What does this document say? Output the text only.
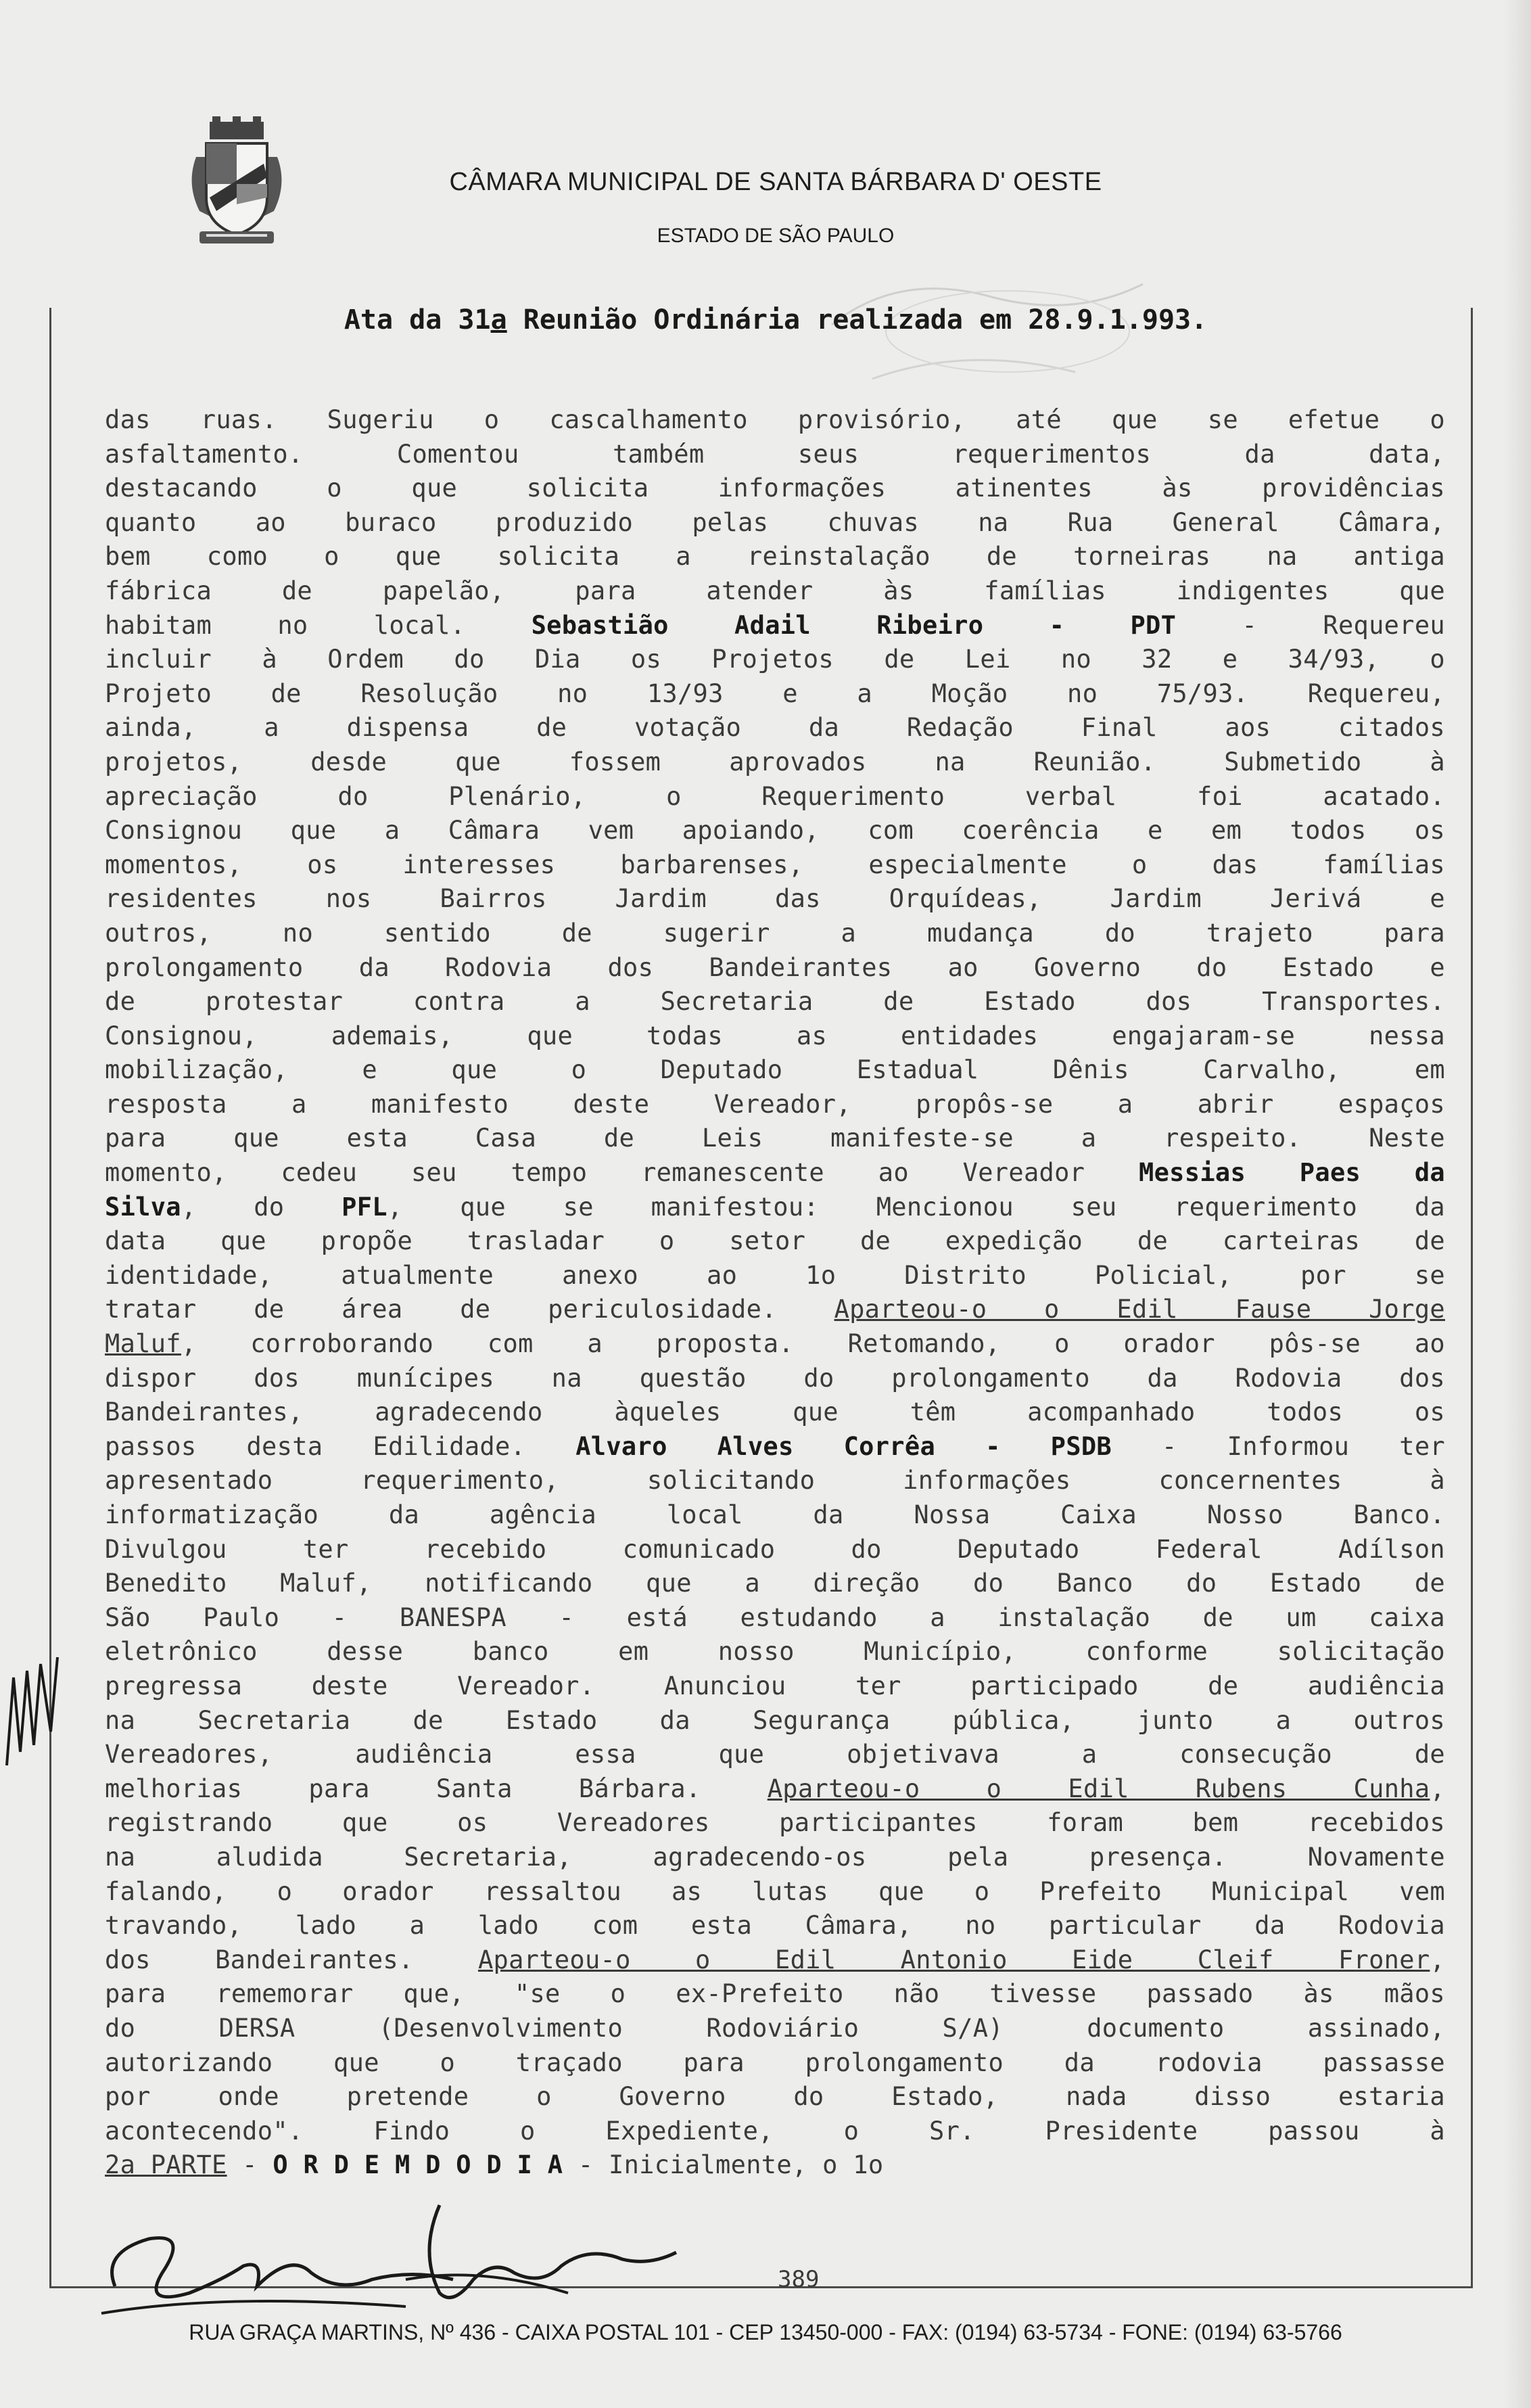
CÂMARA MUNICIPAL DE SANTA BÁRBARA D' OESTE
ESTADO DE SÃO PAULO
Ata da 31a Reunião Ordinária realizada em 28.9.1.993.
das ruas. Sugeriu o cascalhamento provisório, até que se efetue o
asfaltamento. Comentou também seus requerimentos da data,
destacando o que solicita informações atinentes às providências
quanto ao buraco produzido pelas chuvas na Rua General Câmara,
bem como o que solicita a reinstalação de torneiras na antiga
fábrica de papelão, para atender às famílias indigentes que
habitam no local. Sebastião Adail Ribeiro - PDT - Requereu
incluir à Ordem do Dia os Projetos de Lei no 32 e 34/93, o
Projeto de Resolução no 13/93 e a Moção no 75/93. Requereu,
ainda, a dispensa de votação da Redação Final aos citados
projetos, desde que fossem aprovados na Reunião. Submetido à
apreciação do Plenário, o Requerimento verbal foi acatado.
Consignou que a Câmara vem apoiando, com coerência e em todos os
momentos, os interesses barbarenses, especialmente o das famílias
residentes nos Bairros Jardim das Orquídeas, Jardim Jerivá e
outros, no sentido de sugerir a mudança do trajeto para
prolongamento da Rodovia dos Bandeirantes ao Governo do Estado e
de protestar contra a Secretaria de Estado dos Transportes.
Consignou, ademais, que todas as entidades engajaram-se nessa
mobilização, e que o Deputado Estadual Dênis Carvalho, em
resposta a manifesto deste Vereador, propôs-se a abrir espaços
para que esta Casa de Leis manifeste-se a respeito. Neste
momento, cedeu seu tempo remanescente ao Vereador Messias Paes da
Silva, do PFL, que se manifestou: Mencionou seu requerimento da
data que propõe trasladar o setor de expedição de carteiras de
identidade, atualmente anexo ao 1o Distrito Policial, por se
tratar de área de periculosidade. Aparteou-o o Edil Fause Jorge
Maluf, corroborando com a proposta. Retomando, o orador pôs-se ao
dispor dos munícipes na questão do prolongamento da Rodovia dos
Bandeirantes, agradecendo àqueles que têm acompanhado todos os
passos desta Edilidade. Alvaro Alves Corrêa - PSDB - Informou ter
apresentado requerimento, solicitando informações concernentes à
informatização da agência local da Nossa Caixa Nosso Banco.
Divulgou ter recebido comunicado do Deputado Federal Adílson
Benedito Maluf, notificando que a direção do Banco do Estado de
São Paulo - BANESPA - está estudando a instalação de um caixa
eletrônico desse banco em nosso Município, conforme solicitação
pregressa deste Vereador. Anunciou ter participado de audiência
na Secretaria de Estado da Segurança pública, junto a outros
Vereadores, audiência essa que objetivava a consecução de
melhorias para Santa Bárbara. Aparteou-o o Edil Rubens Cunha,
registrando que os Vereadores participantes foram bem recebidos
na aludida Secretaria, agradecendo-os pela presença. Novamente
falando, o orador ressaltou as lutas que o Prefeito Municipal vem
travando, lado a lado com esta Câmara, no particular da Rodovia
dos Bandeirantes. Aparteou-o o Edil Antonio Eide Cleif Froner,
para rememorar que, "se o ex-Prefeito não tivesse passado às mãos
do DERSA (Desenvolvimento Rodoviário S/A) documento assinado,
autorizando que o traçado para prolongamento da rodovia passasse
por onde pretende o Governo do Estado, nada disso estaria
acontecendo". Findo o Expediente, o Sr. Presidente passou à
2a PARTE - O R D E M D O D I A - Inicialmente, o 1o
389
RUA GRAÇA MARTINS, Nº 436 - CAIXA POSTAL 101 - CEP 13450-000 - FAX: (0194) 63-5734 - FONE: (0194) 63-5766
